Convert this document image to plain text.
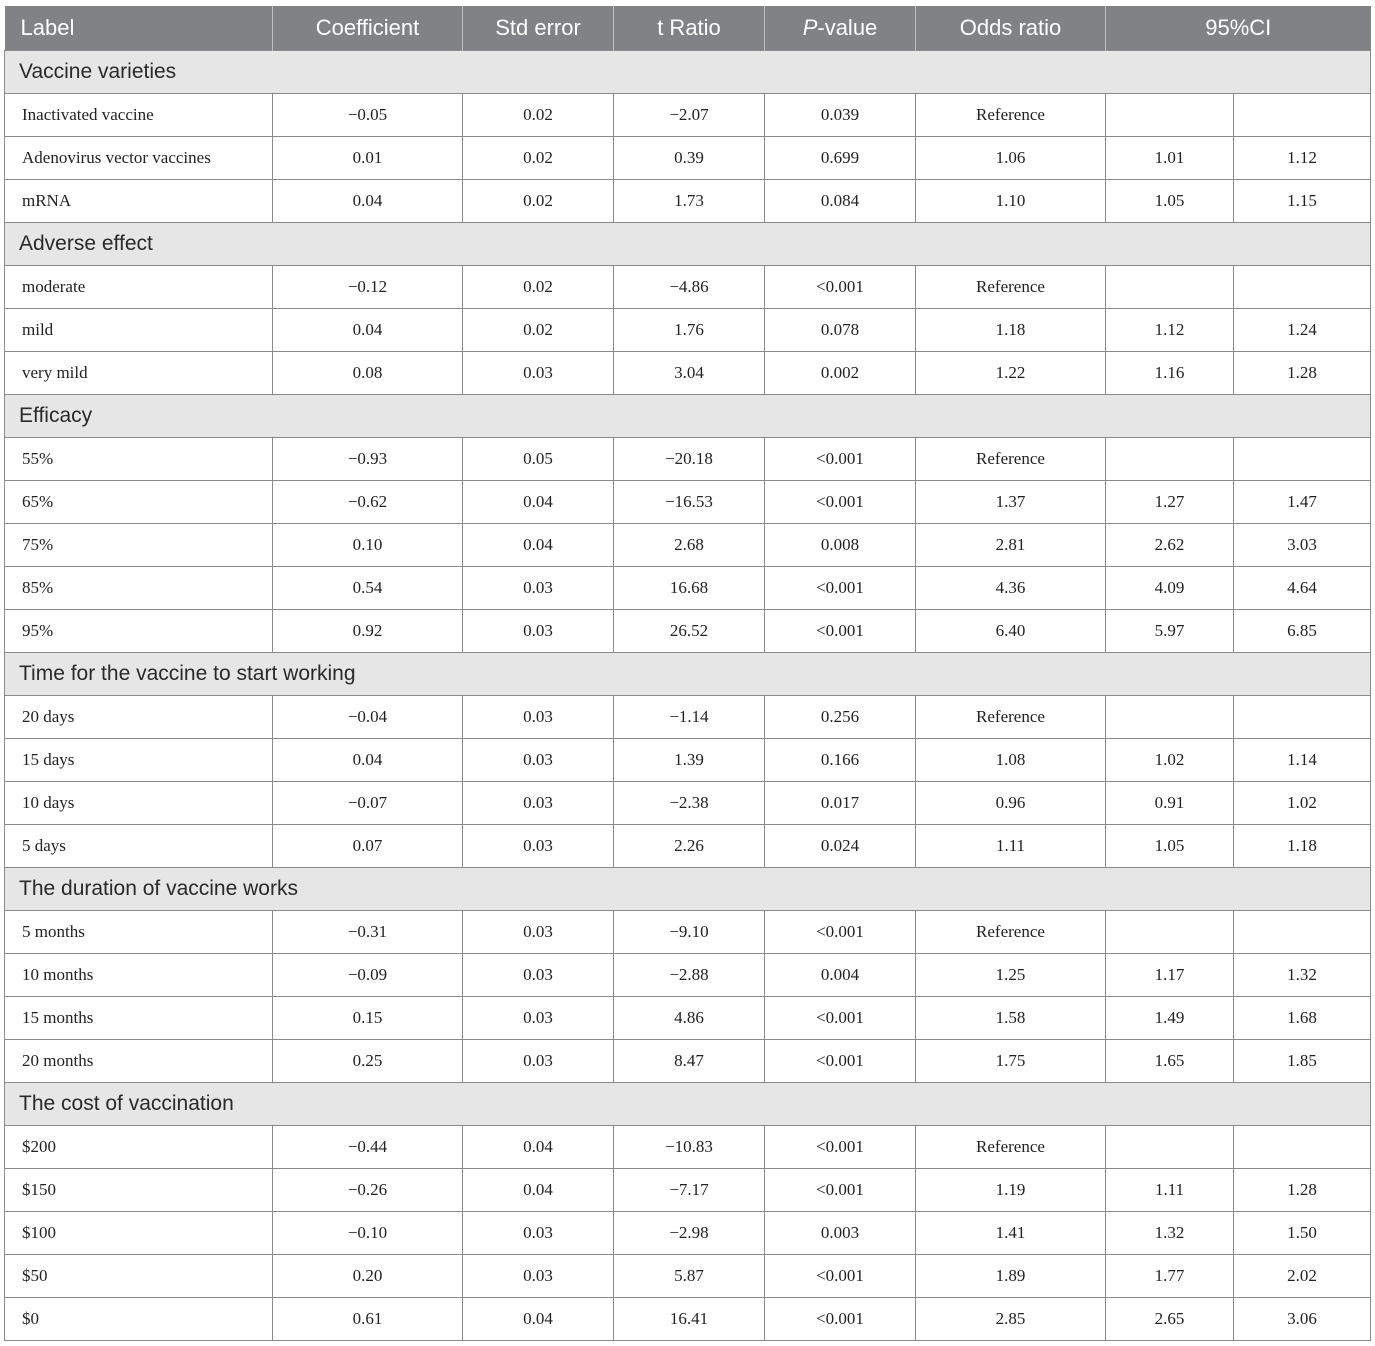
Label	Coefficient	Std error	t Ratio	P-value	Odds ratio	95%CI	
Vaccine varieties							
Inactivated vaccine	−0.05	0.02	−2.07	0.039	Reference		
Adenovirus vector vaccines	0.01	0.02	0.39	0.699	1.06	1.01	1.12
mRNA	0.04	0.02	1.73	0.084	1.10	1.05	1.15
Adverse effect							
moderate	−0.12	0.02	−4.86	<0.001	Reference		
mild	0.04	0.02	1.76	0.078	1.18	1.12	1.24
very mild	0.08	0.03	3.04	0.002	1.22	1.16	1.28
Efficacy							
55%	−0.93	0.05	−20.18	<0.001	Reference		
65%	−0.62	0.04	−16.53	<0.001	1.37	1.27	1.47
75%	0.10	0.04	2.68	0.008	2.81	2.62	3.03
85%	0.54	0.03	16.68	<0.001	4.36	4.09	4.64
95%	0.92	0.03	26.52	<0.001	6.40	5.97	6.85
Time for the vaccine to start working							
20 days	−0.04	0.03	−1.14	0.256	Reference		
15 days	0.04	0.03	1.39	0.166	1.08	1.02	1.14
10 days	−0.07	0.03	−2.38	0.017	0.96	0.91	1.02
5 days	0.07	0.03	2.26	0.024	1.11	1.05	1.18
The duration of vaccine works							
5 months	−0.31	0.03	−9.10	<0.001	Reference		
10 months	−0.09	0.03	−2.88	0.004	1.25	1.17	1.32
15 months	0.15	0.03	4.86	<0.001	1.58	1.49	1.68
20 months	0.25	0.03	8.47	<0.001	1.75	1.65	1.85
The cost of vaccination							
$200	−0.44	0.04	−10.83	<0.001	Reference		
$150	−0.26	0.04	−7.17	<0.001	1.19	1.11	1.28
$100	−0.10	0.03	−2.98	0.003	1.41	1.32	1.50
$50	0.20	0.03	5.87	<0.001	1.89	1.77	2.02
$0	0.61	0.04	16.41	<0.001	2.85	2.65	3.06
